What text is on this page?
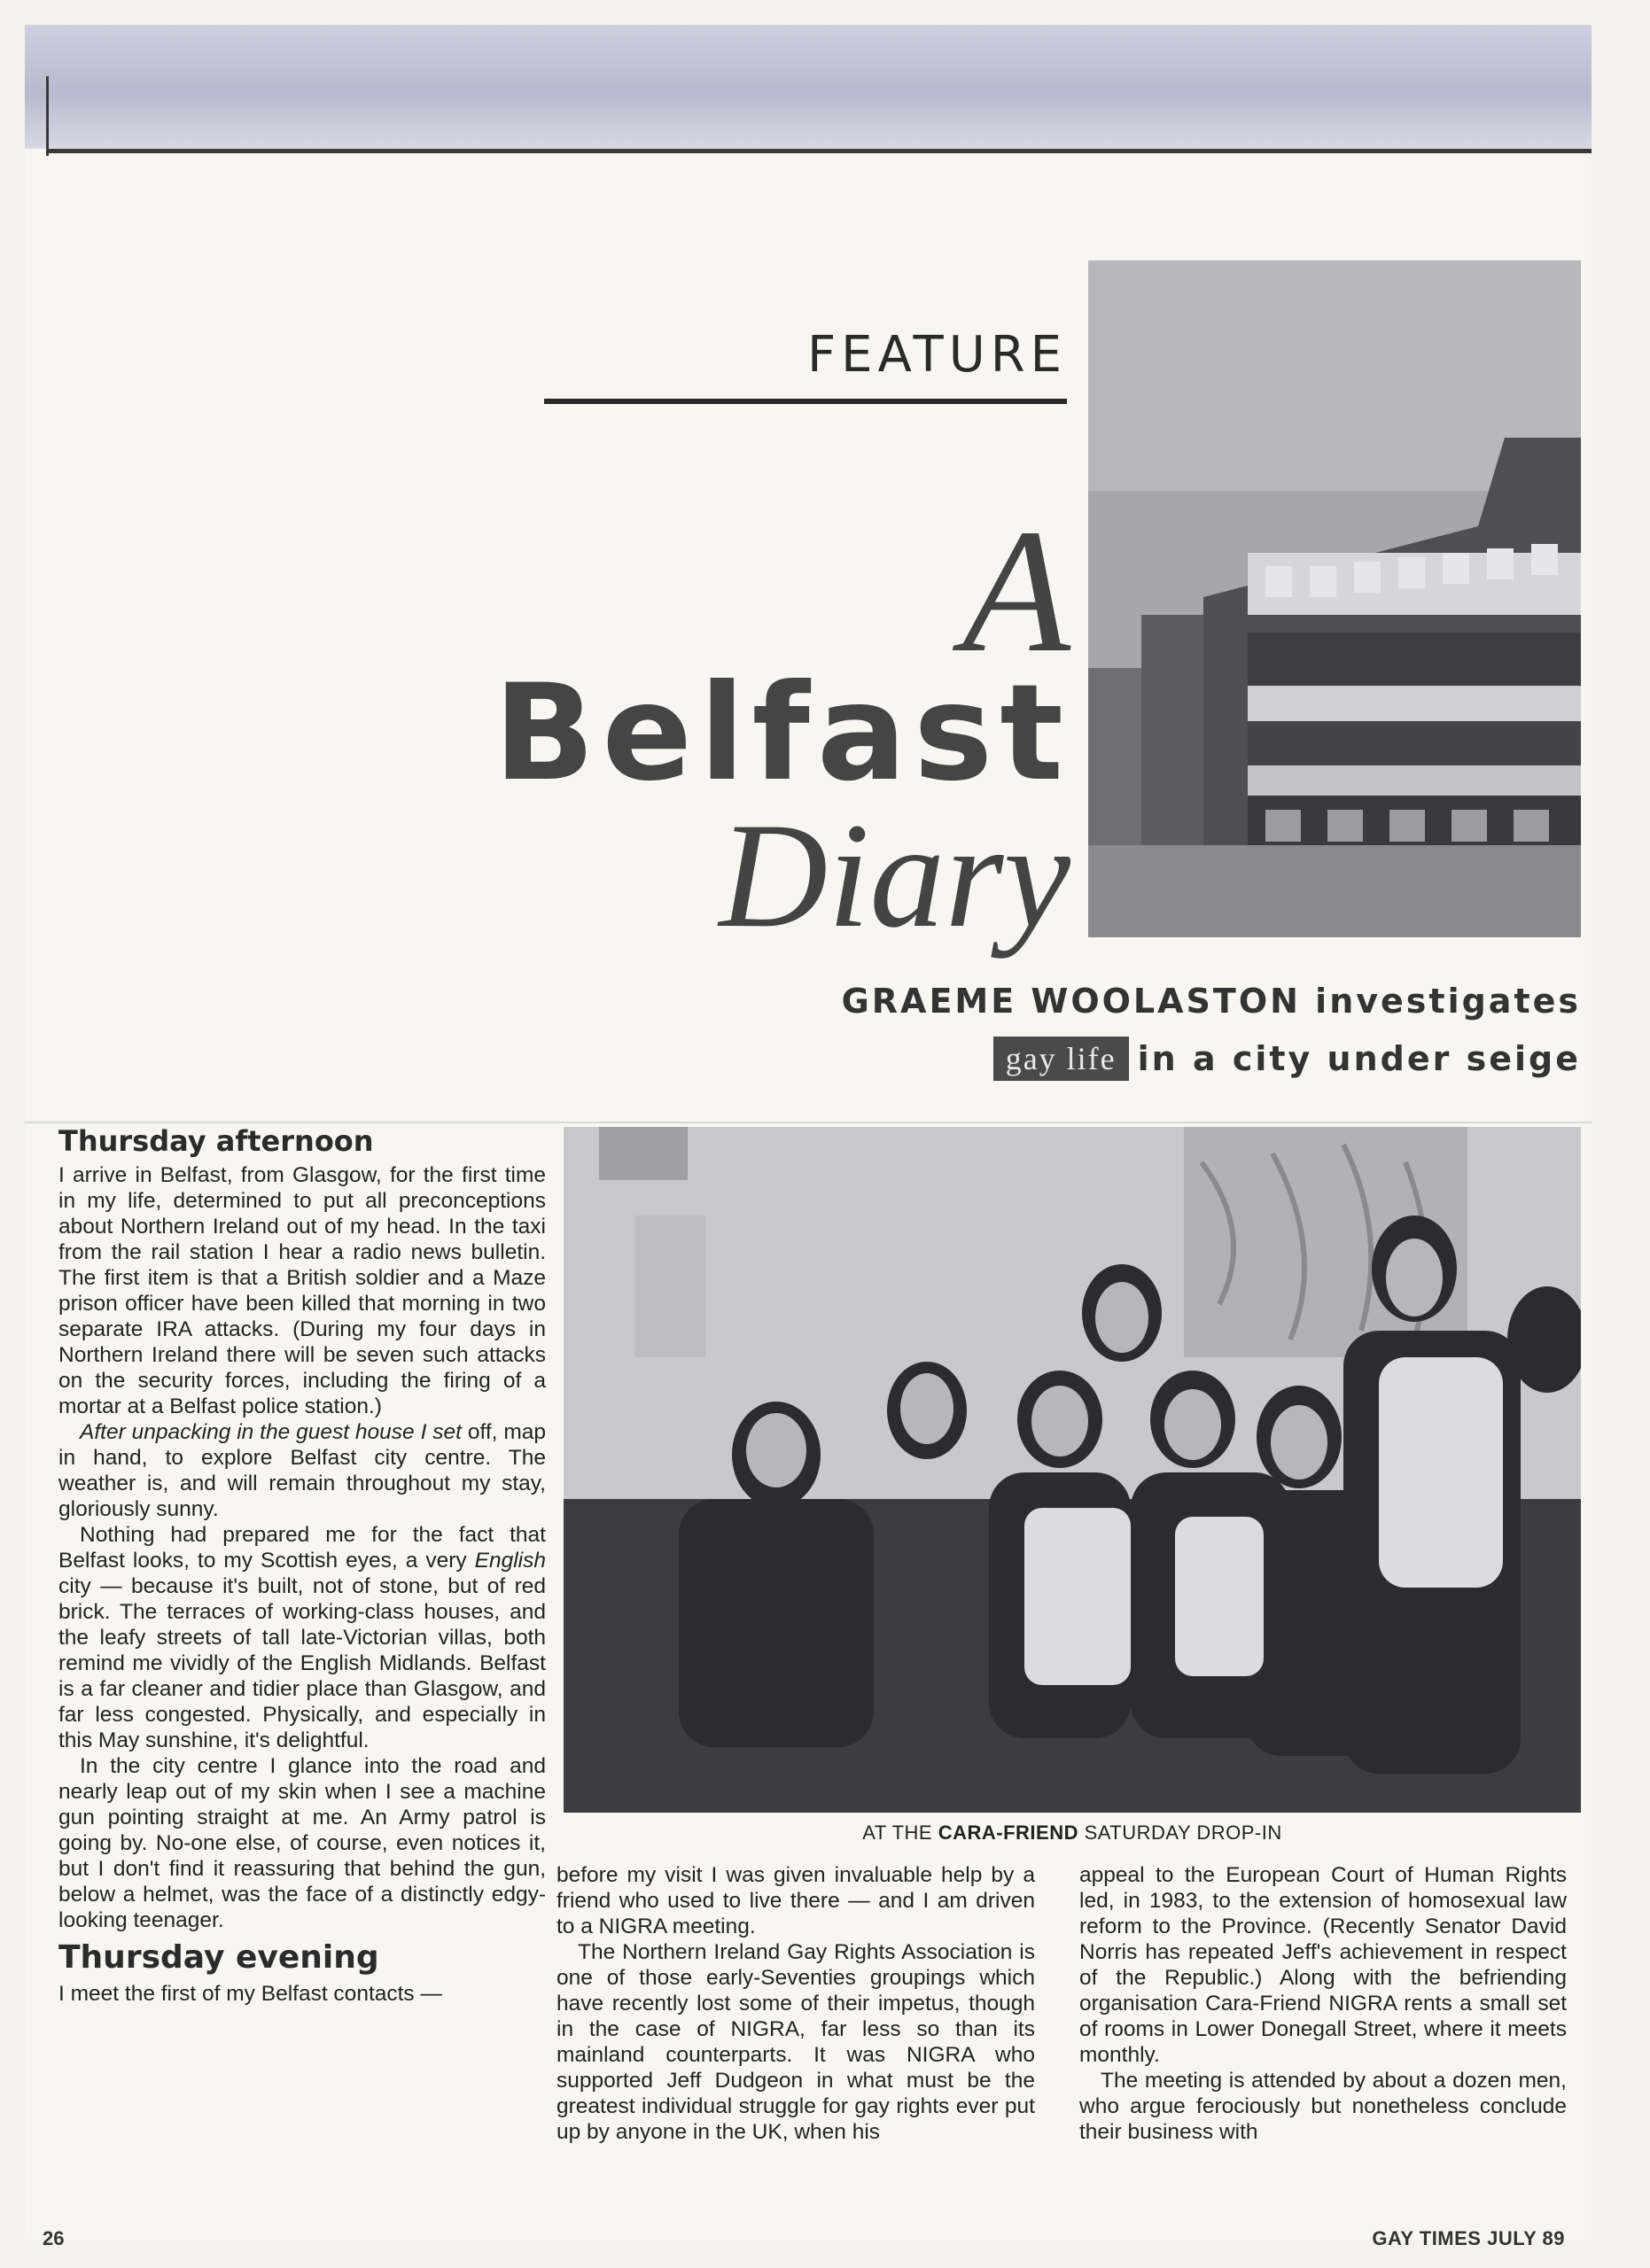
FEATURE
A
Belfast
Diary
GRAEME WOOLASTON investigates
gay life in a city under seige
Thursday afternoon

I arrive in Belfast, from Glasgow, for the first time in my life, determined to put all preconceptions about Northern Ireland out of my head. In the taxi from the rail station I hear a radio news bulletin. The first item is that a British soldier and a Maze prison officer have been killed that morning in two separate IRA attacks. (During my four days in Northern Ireland there will be seven such attacks on the security forces, including the firing of a mortar at a Belfast police station.)

After unpacking in the guest house I set off, map in hand, to explore Belfast city centre. The weather is, and will remain throughout my stay, gloriously sunny.

Nothing had prepared me for the fact that Belfast looks, to my Scottish eyes, a very English city — because it's built, not of stone, but of red brick. The terraces of working-class houses, and the leafy streets of tall late-Victorian villas, both remind me vividly of the English Midlands. Belfast is a far cleaner and tidier place than Glasgow, and far less congested. Physically, and especially in this May sunshine, it's delightful.

In the city centre I glance into the road and nearly leap out of my skin when I see a machine gun pointing straight at me. An Army patrol is going by. No-one else, of course, even notices it, but I don't find it reassuring that behind the gun, below a helmet, was the face of a distinctly edgy-looking teenager.

Thursday evening

I meet the first of my Belfast contacts —

AT THE CARA-FRIEND SATURDAY DROP-IN

before my visit I was given invaluable help by a friend who used to live there — and I am driven to a NIGRA meeting.

The Northern Ireland Gay Rights Association is one of those early-Seventies groupings which have recently lost some of their impetus, though in the case of NIGRA, far less so than its mainland counterparts. It was NIGRA who supported Jeff Dudgeon in what must be the greatest individual struggle for gay rights ever put up by anyone in the UK, when his

appeal to the European Court of Human Rights led, in 1983, to the extension of homosexual law reform to the Province. (Recently Senator David Norris has repeated Jeff's achievement in respect of the Republic.) Along with the befriending organisation Cara-Friend NIGRA rents a small set of rooms in Lower Donegall Street, where it meets monthly.

The meeting is attended by about a dozen men, who argue ferociously but nonetheless conclude their business with

26	GAY TIMES JULY 89
